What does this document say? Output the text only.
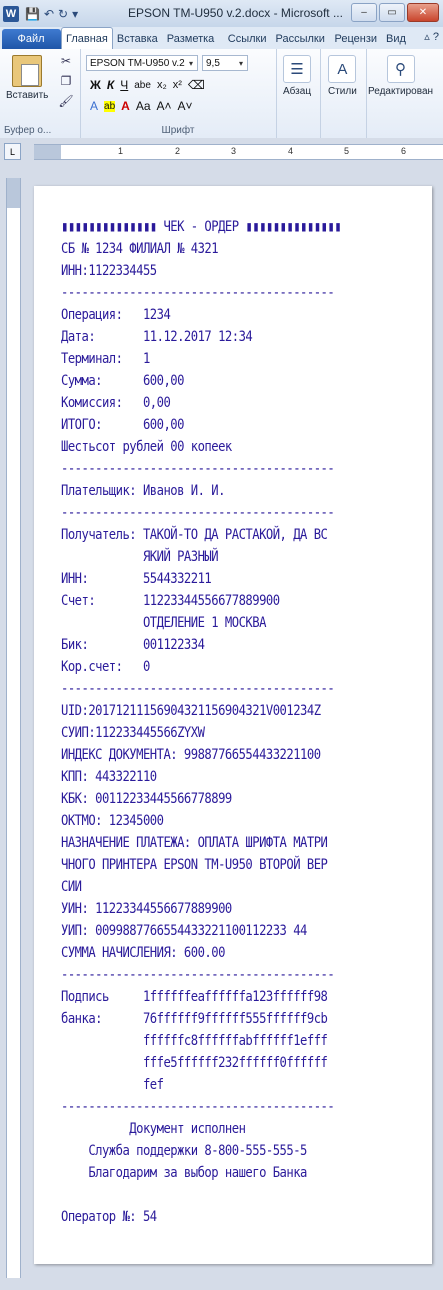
W 💾 ↶ ↻ ▾	EPSON TM-U950 v.2.docx - Microsoft ...	–	▭	✕
Файл	Главная Вставка Разметка	Ссылки Рассылки Рецензи Вид	▵ ?
Вставить
✂
❐
🖌
Буфер о...
EPSON TM-U950 v.2 ▾	9,5	▾
Ж К Ч abe x₂ x² ⌫
A ab A Aa A˄ A˅
Шрифт
☰
Абзац
A
Стили
⚲
Редактирован
L	1	2	3	4	5	6
▮▮▮▮▮▮▮▮▮▮▮▮▮▮ ЧЕК - ОРДЕР ▮▮▮▮▮▮▮▮▮▮▮▮▮▮
СБ № 1234 ФИЛИАЛ № 4321
ИНН:1122334455
----------------------------------------
Операция:   1234
Дата:       11.12.2017 12:34
Терминал:   1
Сумма:      600,00
Комиссия:   0,00
ИТОГО:      600,00
Шестьсот рублей 00 копеек
----------------------------------------
Плательщик: Иванов И. И.
----------------------------------------
Получатель: ТАКОЙ-ТО ДА РАСТАКОЙ, ДА ВС
ЯКИЙ РАЗНЫЙ
ИНН:        5544332211
Счет:       11223344556677889900
ОТДЕЛЕНИЕ 1 МОСКВА
Бик:        001122334
Кор.счет:   0
----------------------------------------
UID:20171211156904321156904321V001234Z
СУИП:112233445566ZYXW
ИНДЕКС ДОКУМЕНТА: 99887766554433221100
КПП: 443322110
КБК: 00112233445566778899
ОКТМО: 12345000
НАЗНАЧЕНИЕ ПЛАТЕЖА: ОПЛАТА ШРИФТА МАТРИ
ЧНОГО ПРИНТЕРА EPSON TM-U950 ВТОРОЙ ВЕР
СИИ
УИН: 11223344556677889900
УИП: 0099887766554433221100112233 44
СУММА НАЧИСЛЕНИЯ: 600.00
----------------------------------------
Подпись     1ffffffeaffffffa123ffffff98
банка:      76ffffff9ffffff555ffffff9cb
ffffffc8ffffffabffffff1efff
fffe5ffffff232ffffff0ffffff
fef
----------------------------------------
Документ исполнен
Служба поддержки 8-800-555-555-5
Благодарим за выбор нашего Банка
Оператор №: 54
